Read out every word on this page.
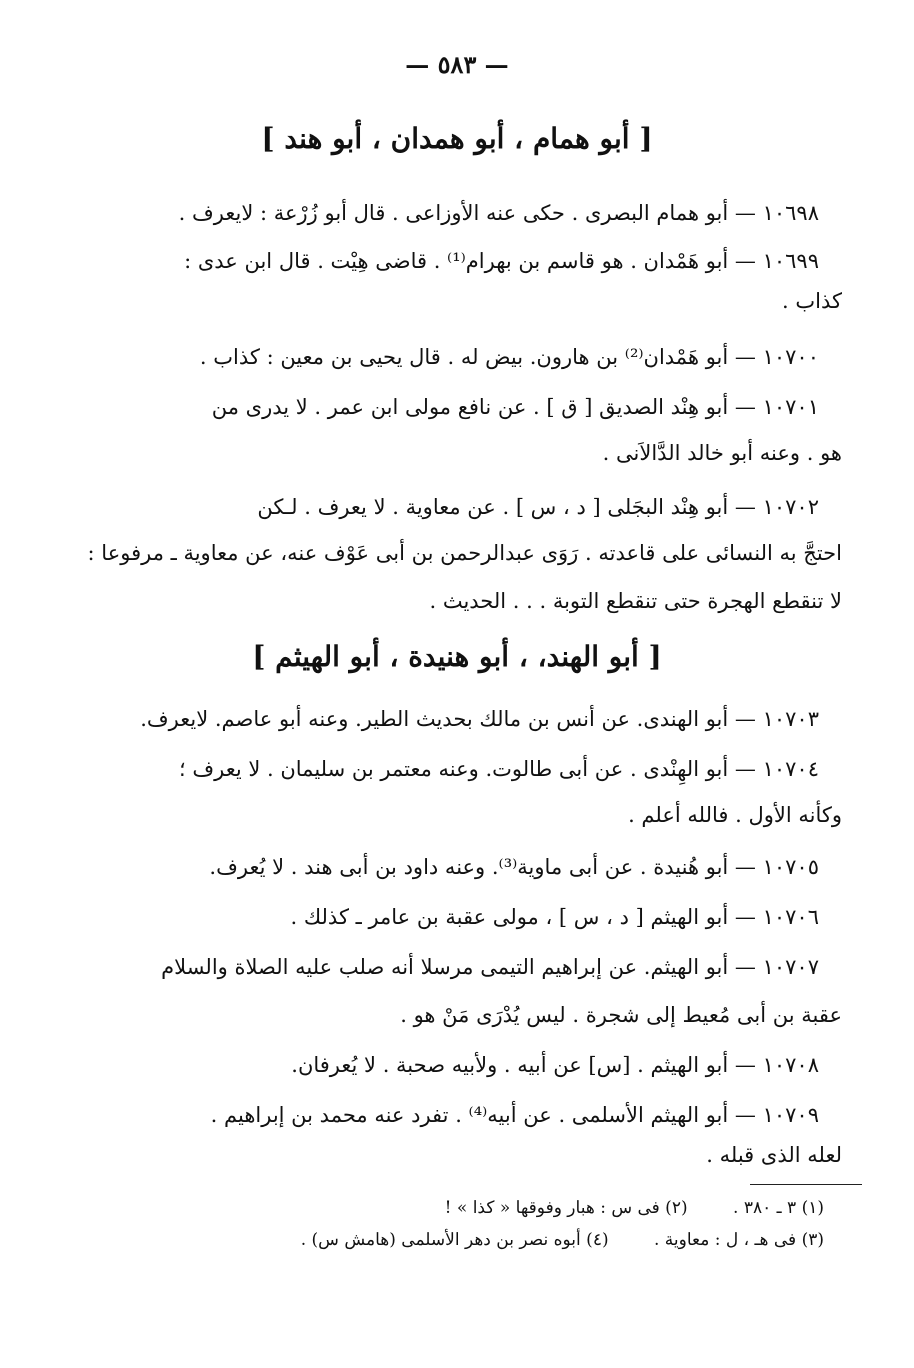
— ٥٨٣ —
[ أبو همام ، أبو همدان ، أبو هند ]
١٠٦٩٨ — أبو همام البصرى . حكى عنه الأوزاعى . قال أبو زُرْعة : لايعرف .
١٠٦٩٩ — أبو هَمْدان . هو قاسم بن بهرام⁽¹⁾ . قاضى هِيْت . قال ابن عدى :
كذاب .
١٠٧٠٠ — أبو هَمْدان⁽²⁾ بن هارون. بيض له . قال يحيى بن معين : كذاب .
١٠٧٠١ — أبو هِنْد الصديق [ ق ] . عن نافع مولى ابن عمر . لا يدرى من
هو . وعنه أبو خالد الدَّالاَنى .
١٠٧٠٢ — أبو هِنْد البجَلى [ د ، س ] . عن معاوية . لا يعرف . لـكن
احتجَّ به النسائى على قاعدته . رَوَى عبدالرحمن بن أبى عَوْف عنه، عن معاوية ـ مرفوعا :
لا تنقطع الهجرة حتى تنقطع التوبة . . . الحديث .
[ أبو الهند، ، أبو هنيدة ، أبو الهيثم ]
١٠٧٠٣ — أبو الهندى. عن أنس بن مالك بحديث الطير. وعنه أبو عاصم. لايعرف.
١٠٧٠٤ — أبو الهِنْدى . عن أبى طالوت. وعنه معتمر بن سليمان . لا يعرف ؛
وكأنه الأول . فالله أعلم .
١٠٧٠٥ — أبو هُنيدة . عن أبى ماوية⁽³⁾. وعنه داود بن أبى هند . لا يُعرف.
١٠٧٠٦ — أبو الهيثم [ د ، س ] ، مولى عقبة بن عامر ـ كذلك .
١٠٧٠٧ — أبو الهيثم. عن إبراهيم التيمى مرسلا أنه صلب عليه الصلاة والسلام
عقبة بن أبى مُعيط إلى شجرة . ليس يُدْرَى مَنْ هو .
١٠٧٠٨ — أبو الهيثم . [س] عن أبيه . ولأبيه صحبة . لا يُعرفان.
١٠٧٠٩ — أبو الهيثم الأسلمى . عن أبيه⁽⁴⁾ . تفرد عنه محمد بن إبراهيم .
لعله الذى قبله .
(١) ٣ ـ ٣٨٠ . (٢) فى س : هبار وفوقها « كذا » !
(٣) فى هـ ، ل : معاوية . (٤) أبوه نصر بن دهر الأسلمى (هامش س) .
